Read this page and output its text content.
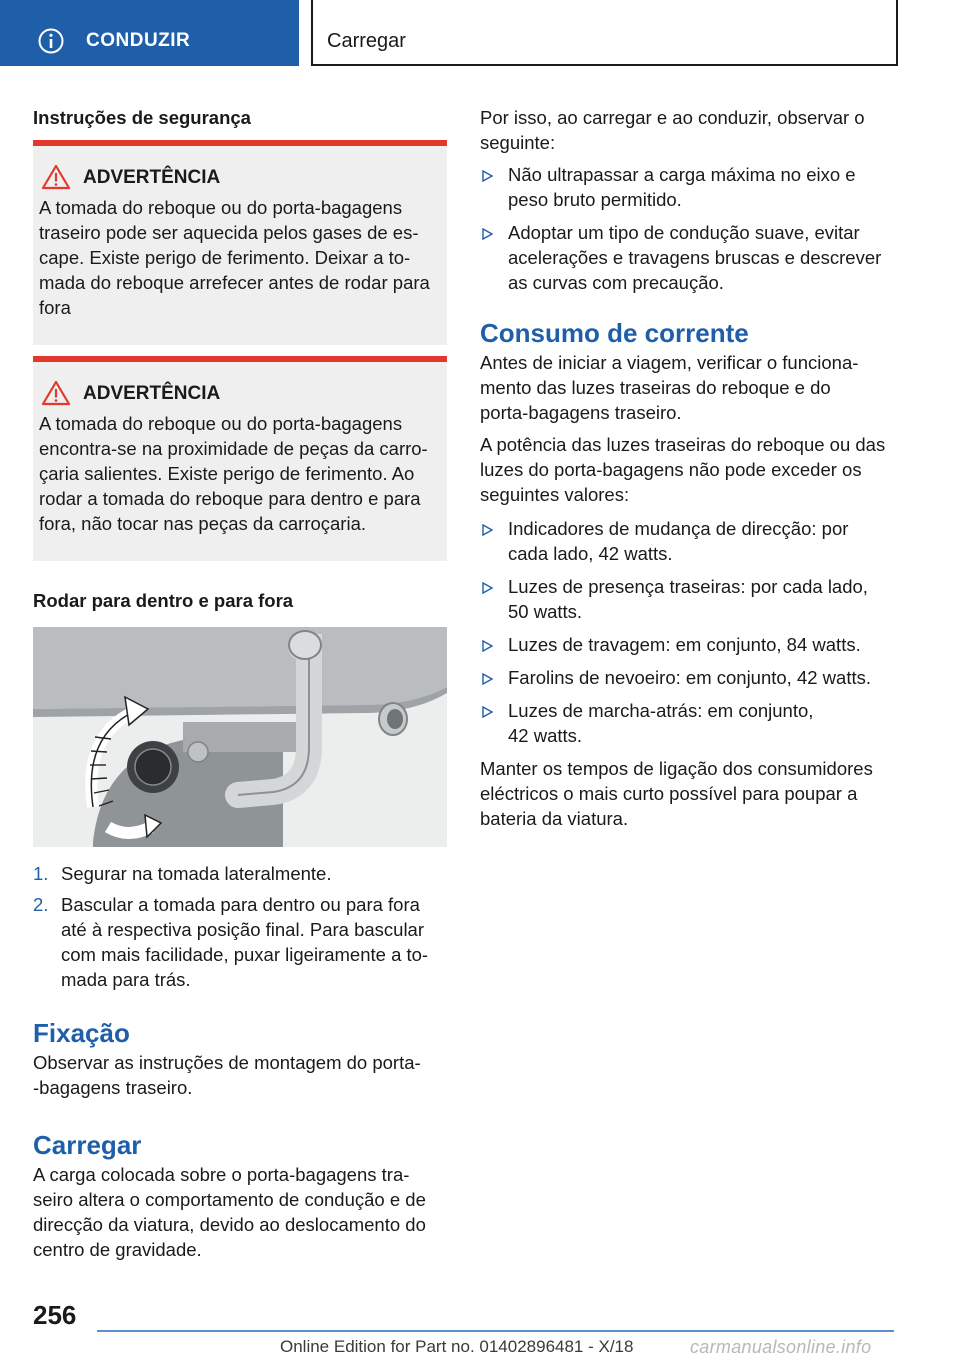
CONDUZIR	Carregar

Instruções de segurança

ADVERTÊNCIA

A tomada do reboque ou do porta-bagagens

traseiro pode ser aquecida pelos gases de es-

cape. Existe perigo de ferimento. Deixar a to-

mada do reboque arrefecer antes de rodar para

fora

ADVERTÊNCIA

A tomada do reboque ou do porta-bagagens

encontra-se na proximidade de peças da carro-

çaria salientes. Existe perigo de ferimento. Ao

rodar a tomada do reboque para dentro e para

fora, não tocar nas peças da carroçaria.

Rodar para dentro e para fora

1. Segurar na tomada lateralmente.
2. Bascular a tomada para dentro ou para fora
até à respectiva posição final. Para bascular
com mais facilidade, puxar ligeiramente a to-
mada para trás.

Fixação

Observar as instruções de montagem do porta-

-bagagens traseiro.

Carregar

A carga colocada sobre o porta-bagagens tra-

seiro altera o comportamento de condução e de

direcção da viatura, devido ao deslocamento do

centro de gravidade.

Por isso, ao carregar e ao conduzir, observar o

seguinte:

Não ultrapassar a carga máxima no eixo e
peso bruto permitido.
Adoptar um tipo de condução suave, evitar
acelerações e travagens bruscas e descrever
as curvas com precaução.

Consumo de corrente

Antes de iniciar a viagem, verificar o funciona-

mento das luzes traseiras do reboque e do

porta-bagagens traseiro.

A potência das luzes traseiras do reboque ou das

luzes do porta-bagagens não pode exceder os

seguintes valores:

Indicadores de mudança de direcção: por
cada lado, 42 watts.
Luzes de presença traseiras: por cada lado,
50 watts.
Luzes de travagem: em conjunto, 84 watts.
Farolins de nevoeiro: em conjunto, 42 watts.
Luzes de marcha-atrás: em conjunto,
42 watts.

Manter os tempos de ligação dos consumidores

eléctricos o mais curto possível para poupar a

bateria da viatura.

256
Online Edition for Part no. 01402896481 - X/18	carmanualsonline.info
